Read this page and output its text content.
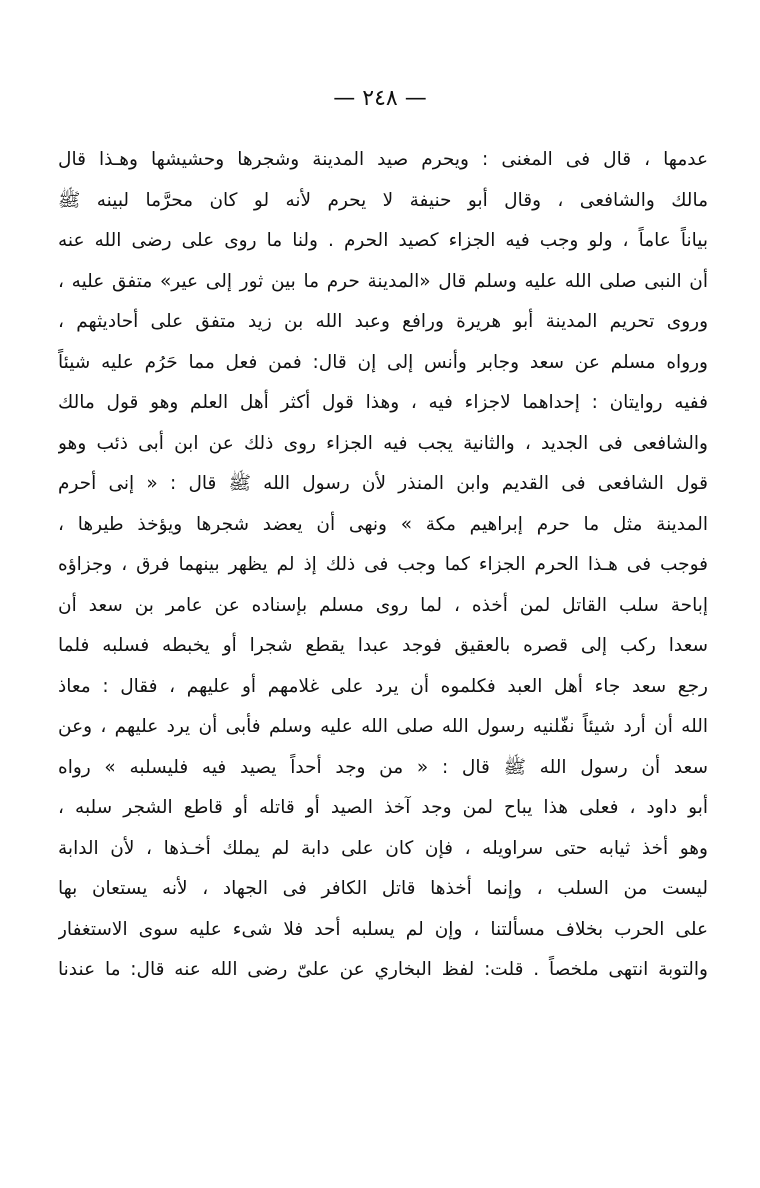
— ٢٤٨ —
عدمها ، قال فى المغنى : ويحرم صيد المدينة وشجرها وحشيشها وهـذا قال
مالك والشافعى ، وقال أبو حنيفة لا يحرم لأنه لو كان محرَّما لبينه ﷺ
بياناً عاماً ، ولو وجب فيه الجزاء كصيد الحرم . ولنا ما روى على رضى الله عنه
أن النبى صلى الله عليه وسلم قال «المدينة حرم ما بين ثور إلى عير» متفق عليه ،
وروى تحريم المدينة أبو هريرة ورافع وعبد الله بن زيد متفق على أحاديثهم ،
ورواه مسلم عن سعد وجابر وأنس إلى إن قال: فمن فعل مما حَرُم عليه شيئاً
ففيه روايتان : إحداهما لاجزاء فيه ، وهذا قول أكثر أهل العلم وهو قول مالك
والشافعى فى الجديد ، والثانية يجب فيه الجزاء روى ذلك عن ابن أبى ذئب وهو
قول الشافعى فى القديم وابن المنذر لأن رسول الله ﷺ قال : « إنى أحرم
المدينة مثل ما حرم إبراهيم مكة » ونهى أن يعضد شجرها ويؤخذ طيرها ،
فوجب فى هـذا الحرم الجزاء كما وجب فى ذلك إذ لم يظهر بينهما فرق ، وجزاؤه
إباحة سلب القاتل لمن أخذه ، لما روى مسلم بإسناده عن عامر بن سعد أن
سعدا ركب إلى قصره بالعقيق فوجد عبدا يقطع شجرا أو يخبطه فسلبه فلما
رجع سعد جاء أهل العبد فكلموه أن يرد على غلامهم أو عليهم ، فقال : معاذ
الله أن أرد شيئاً نفّلنيه رسول الله صلى الله عليه وسلم فأبى أن يرد عليهم ، وعن
سعد أن رسول الله ﷺ قال : « من وجد أحداً يصيد فيه فليسلبه » رواه
أبو داود ، فعلى هذا يباح لمن وجد آخذ الصيد أو قاتله أو قاطع الشجر سلبه ،
وهو أخذ ثيابه حتى سراويله ، فإن كان على دابة لم يملك أخـذها ، لأن الدابة
ليست من السلب ، وإنما أخذها قاتل الكافر فى الجهاد ، لأنه يستعان بها
على الحرب بخلاف مسألتنا ، وإن لم يسلبه أحد فلا شىء عليه سوى الاستغفار
والتوبة انتهى ملخصاً . قلت: لفظ البخاري عن علىّ رضى الله عنه قال: ما عندنا
